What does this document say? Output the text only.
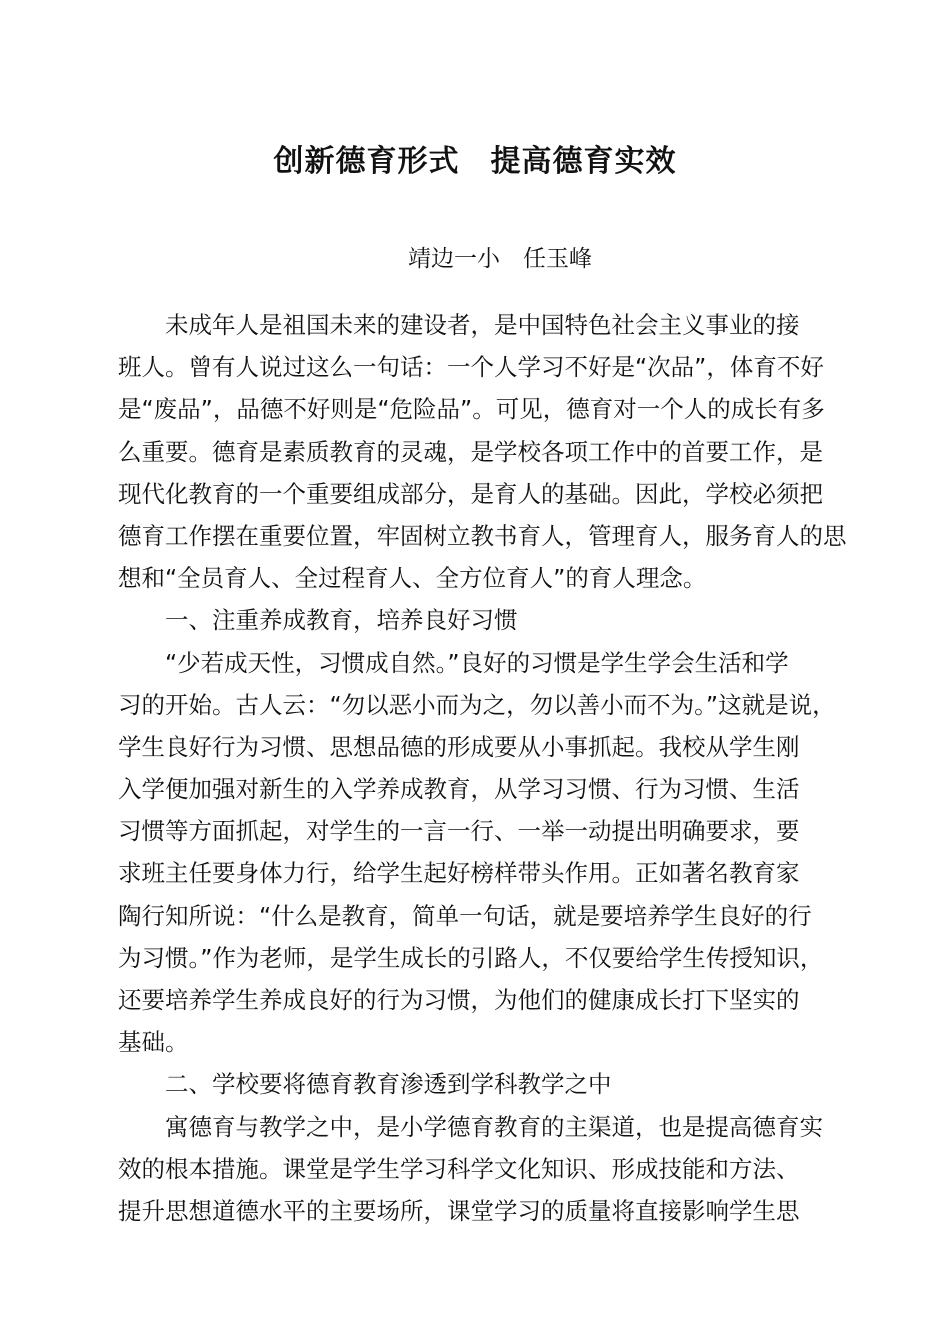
创新德育形式　提高德育实效
靖边一小　任玉峰
未成年人是祖国未来的建设者，是中国特色社会主义事业的接
班人。曾有人说过这么一句话：一个人学习不好是“次品”，体育不好
是“废品”，品德不好则是“危险品”。可见，德育对一个人的成长有多
么重要。德育是素质教育的灵魂，是学校各项工作中的首要工作，是
现代化教育的一个重要组成部分，是育人的基础。因此，学校必须把
德育工作摆在重要位置，牢固树立教书育人，管理育人，服务育人的思
想和“全员育人、全过程育人、全方位育人”的育人理念。
一、注重养成教育，培养良好习惯
“少若成天性，习惯成自然。”良好的习惯是学生学会生活和学
习的开始。古人云：“勿以恶小而为之，勿以善小而不为。”这就是说，
学生良好行为习惯、思想品德的形成要从小事抓起。我校从学生刚
入学便加强对新生的入学养成教育，从学习习惯、行为习惯、生活
习惯等方面抓起，对学生的一言一行、一举一动提出明确要求，要
求班主任要身体力行，给学生起好榜样带头作用。正如著名教育家
陶行知所说：“什么是教育，简单一句话，就是要培养学生良好的行
为习惯。”作为老师，是学生成长的引路人，不仅要给学生传授知识，
还要培养学生养成良好的行为习惯，为他们的健康成长打下坚实的
基础。
二、学校要将德育教育渗透到学科教学之中
寓德育与教学之中，是小学德育教育的主渠道，也是提高德育实
效的根本措施。课堂是学生学习科学文化知识、形成技能和方法、
提升思想道德水平的主要场所，课堂学习的质量将直接影响学生思
